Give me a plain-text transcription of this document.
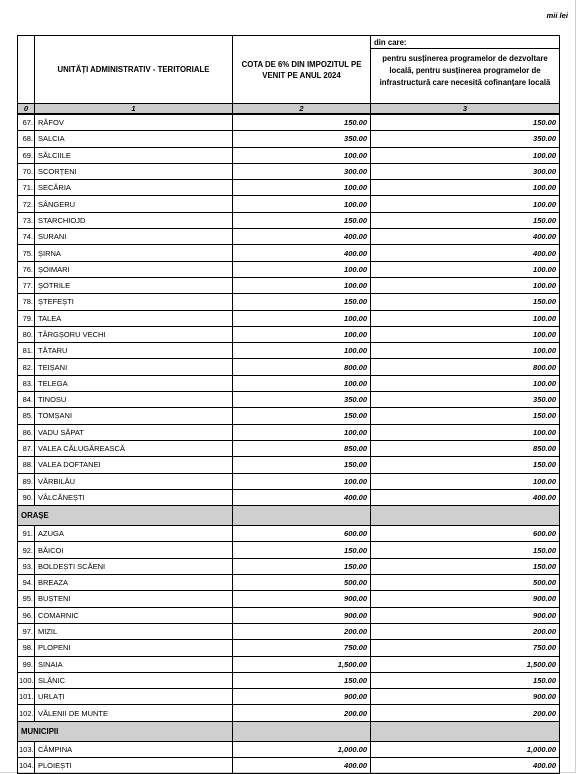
mii lei
	UNITĂȚI ADMINISTRATIV - TERITORIALE	COTA DE 6% DIN IMPOZITUL PE VENIT PE ANUL 2024	din care:
pentru susținerea programelor de dezvoltare locală, pentru susținerea programelor de infrastructură care necesită cofinanțare locală

0	1	2	3
67.	RĂFOV	150.00	150.00
68.	SALCIA	350.00	350.00
69.	SĂLCIILE	100.00	100.00
70.	SCORȚENI	300.00	300.00
71.	SECĂRIA	100.00	100.00
72.	SÂNGERU	100.00	100.00
73.	STARCHIOJD	150.00	150.00
74.	SURANI	400.00	400.00
75.	ȘIRNA	400.00	400.00
76.	ȘOIMARI	100.00	100.00
77.	ȘOTRILE	100.00	100.00
78.	ȘTEFEȘTI	150.00	150.00
79.	TALEA	100.00	100.00
80.	TÂRGȘORU VECHI	100.00	100.00
81.	TĂTARU	100.00	100.00
82.	TEIȘANI	800.00	800.00
83.	TELEGA	100.00	100.00
84.	TINOSU	350.00	350.00
85.	TOMȘANI	150.00	150.00
86.	VADU SĂPAT	100.00	100.00
87.	VALEA CĂLUGĂREASCĂ	850.00	850.00
88.	VALEA DOFTANEI	150.00	150.00
89.	VĂRBILĂU	100.00	100.00
90.	VÂLCĂNEȘTI	400.00	400.00
ORAȘE			
91.	AZUGA	600.00	600.00
92.	BĂICOI	150.00	150.00
93.	BOLDEȘTI SCĂENI	150.00	150.00
94.	BREAZA	500.00	500.00
95.	BUȘTENI	900.00	900.00
96.	COMARNIC	900.00	900.00
97.	MIZIL	200.00	200.00
98.	PLOPENI	750.00	750.00
99.	SINAIA	1,500.00	1,500.00
100.	SLĂNIC	150.00	150.00
101.	URLAȚI	900.00	900.00
102.	VĂLENII DE MUNTE	200.00	200.00
MUNICIPII			
103.	CÂMPINA	1,000.00	1,000.00
104.	PLOIEȘTI	400.00	400.00
